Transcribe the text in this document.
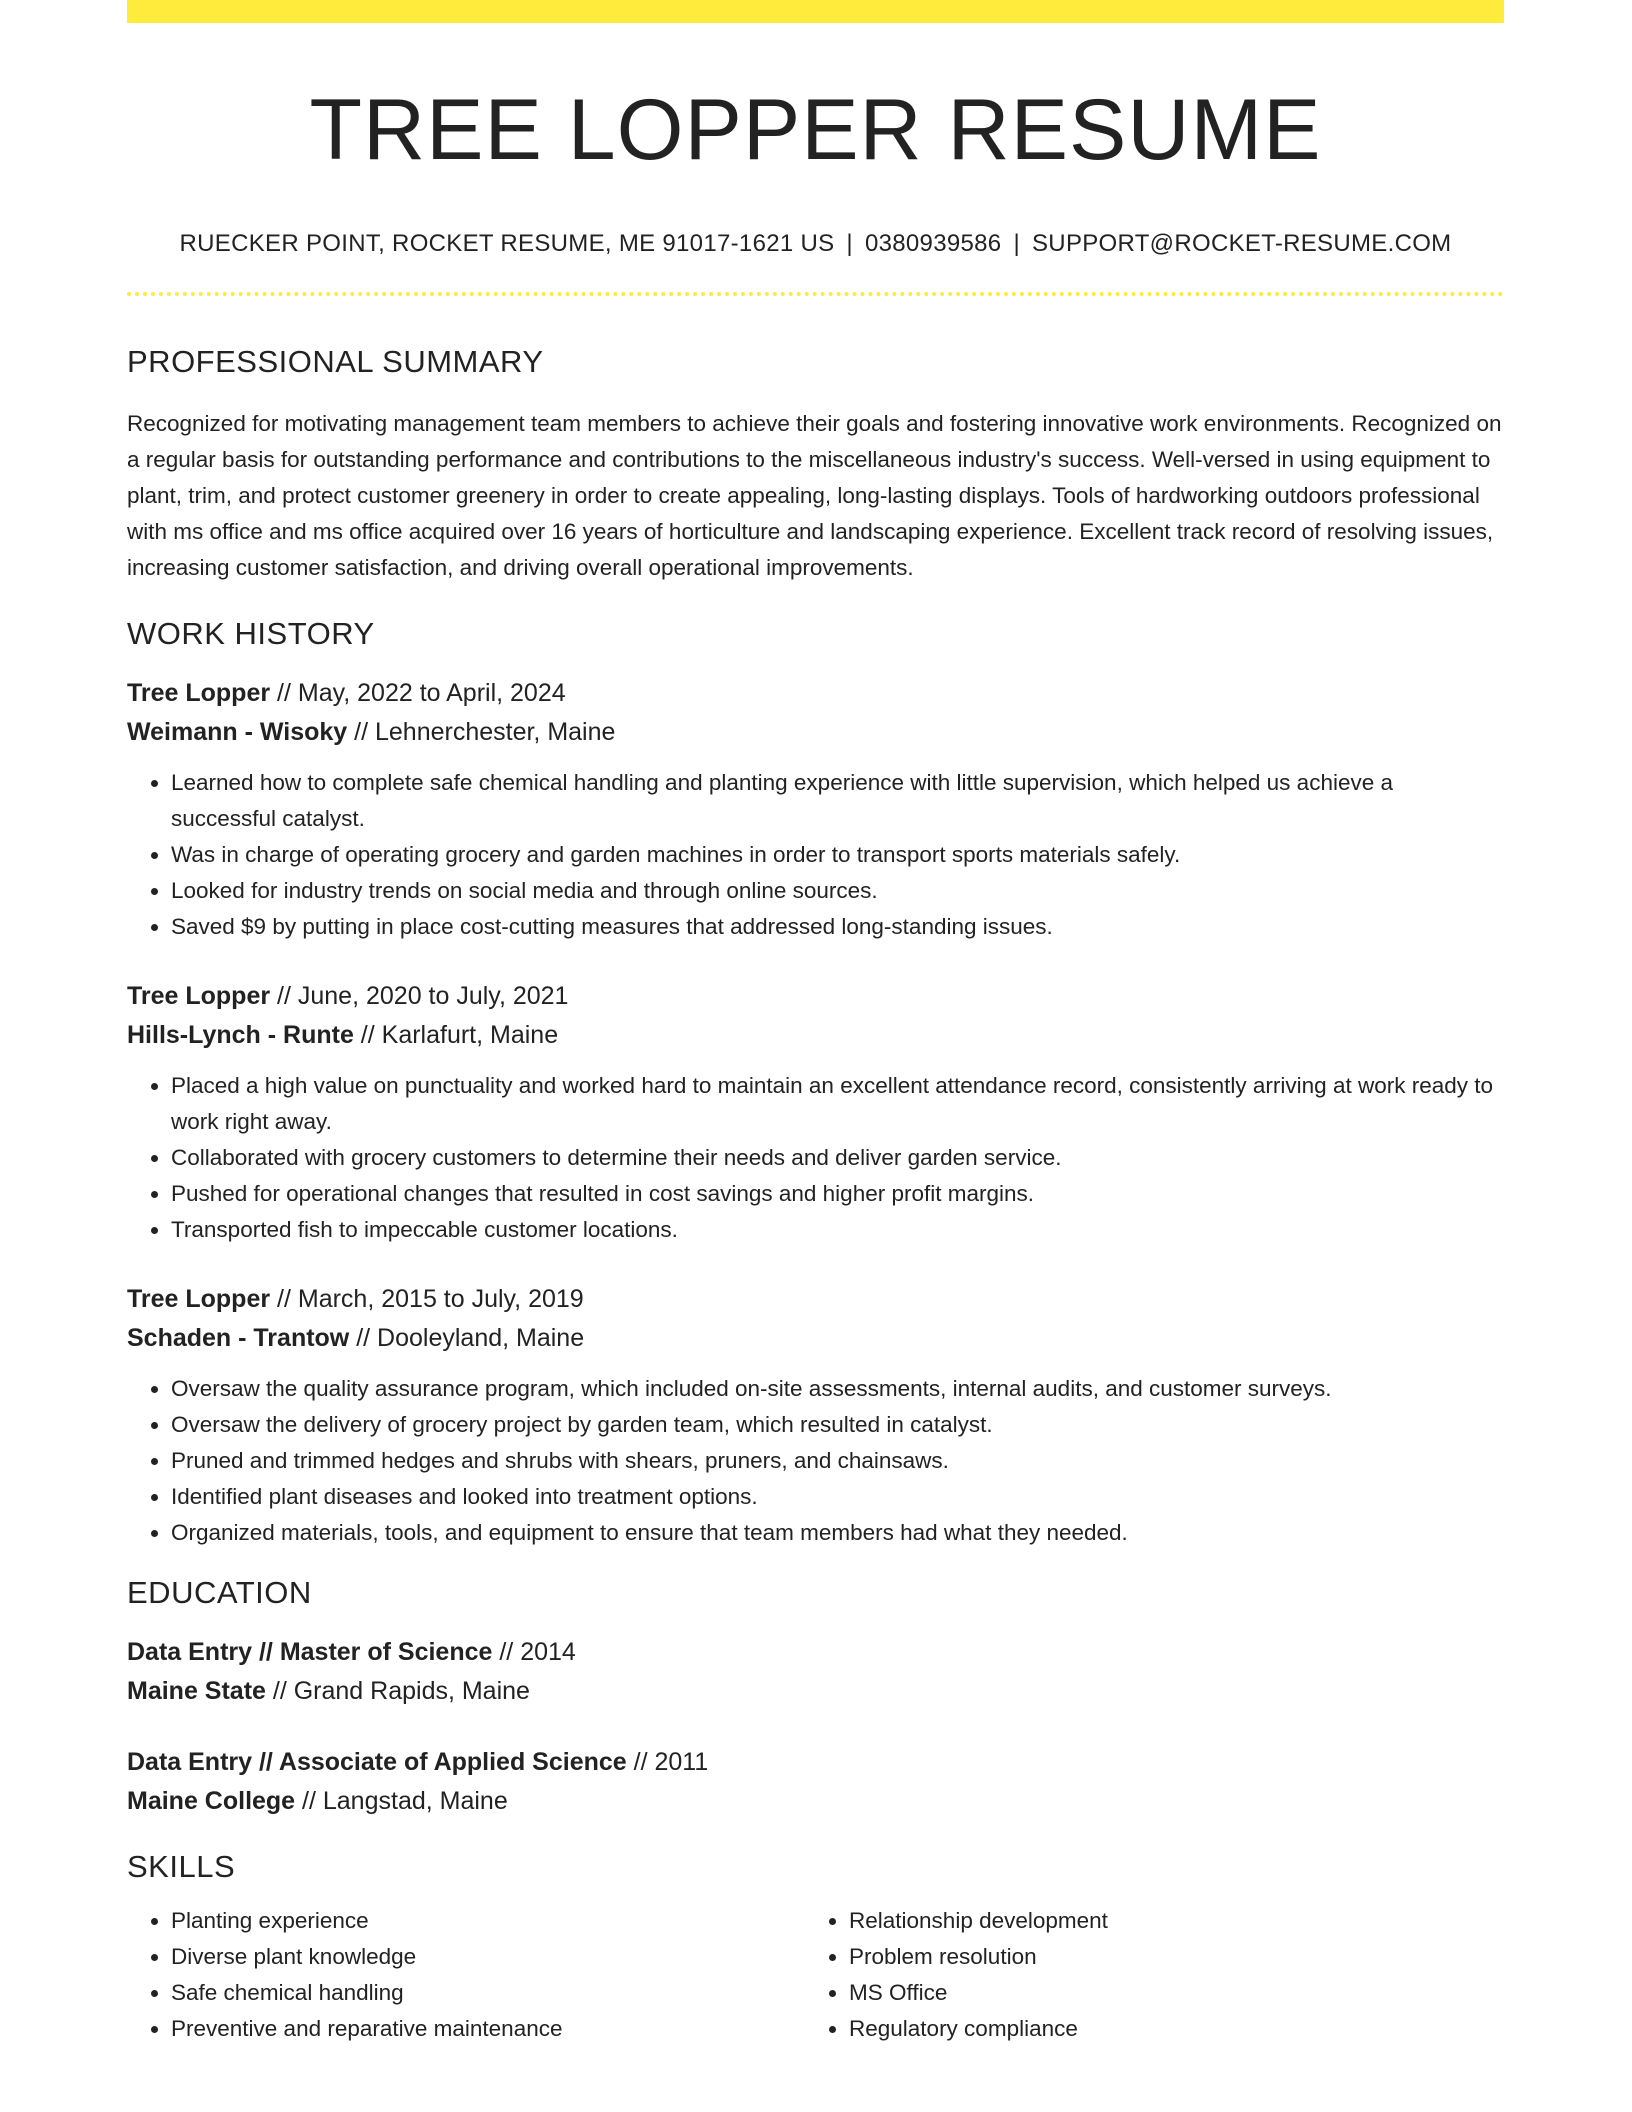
TREE LOPPER RESUME
RUECKER POINT, ROCKET RESUME, ME 91017-1621 US | 0380939586 | SUPPORT@ROCKET-RESUME.COM
PROFESSIONAL SUMMARY
Recognized for motivating management team members to achieve their goals and fostering innovative work environments. Recognized on a regular basis for outstanding performance and contributions to the miscellaneous industry's success. Well-versed in using equipment to plant, trim, and protect customer greenery in order to create appealing, long-lasting displays. Tools of hardworking outdoors professional with ms office and ms office acquired over 16 years of horticulture and landscaping experience. Excellent track record of resolving issues, increasing customer satisfaction, and driving overall operational improvements.
WORK HISTORY
Tree Lopper // May, 2022 to April, 2024
Weimann - Wisoky // Lehnerchester, Maine
• Learned how to complete safe chemical handling and planting experience with little supervision, which helped us achieve a successful catalyst.
• Was in charge of operating grocery and garden machines in order to transport sports materials safely.
• Looked for industry trends on social media and through online sources.
• Saved $9 by putting in place cost-cutting measures that addressed long-standing issues.
Tree Lopper // June, 2020 to July, 2021
Hills-Lynch - Runte // Karlafurt, Maine
• Placed a high value on punctuality and worked hard to maintain an excellent attendance record, consistently arriving at work ready to work right away.
• Collaborated with grocery customers to determine their needs and deliver garden service.
• Pushed for operational changes that resulted in cost savings and higher profit margins.
• Transported fish to impeccable customer locations.
Tree Lopper // March, 2015 to July, 2019
Schaden - Trantow // Dooleyland, Maine
• Oversaw the quality assurance program, which included on-site assessments, internal audits, and customer surveys.
• Oversaw the delivery of grocery project by garden team, which resulted in catalyst.
• Pruned and trimmed hedges and shrubs with shears, pruners, and chainsaws.
• Identified plant diseases and looked into treatment options.
• Organized materials, tools, and equipment to ensure that team members had what they needed.
EDUCATION
Data Entry // Master of Science // 2014
Maine State // Grand Rapids, Maine
Data Entry // Associate of Applied Science // 2011
Maine College // Langstad, Maine
SKILLS
• Planting experience
• Diverse plant knowledge
• Safe chemical handling
• Preventive and reparative maintenance
• Relationship development
• Problem resolution
• MS Office
• Regulatory compliance
